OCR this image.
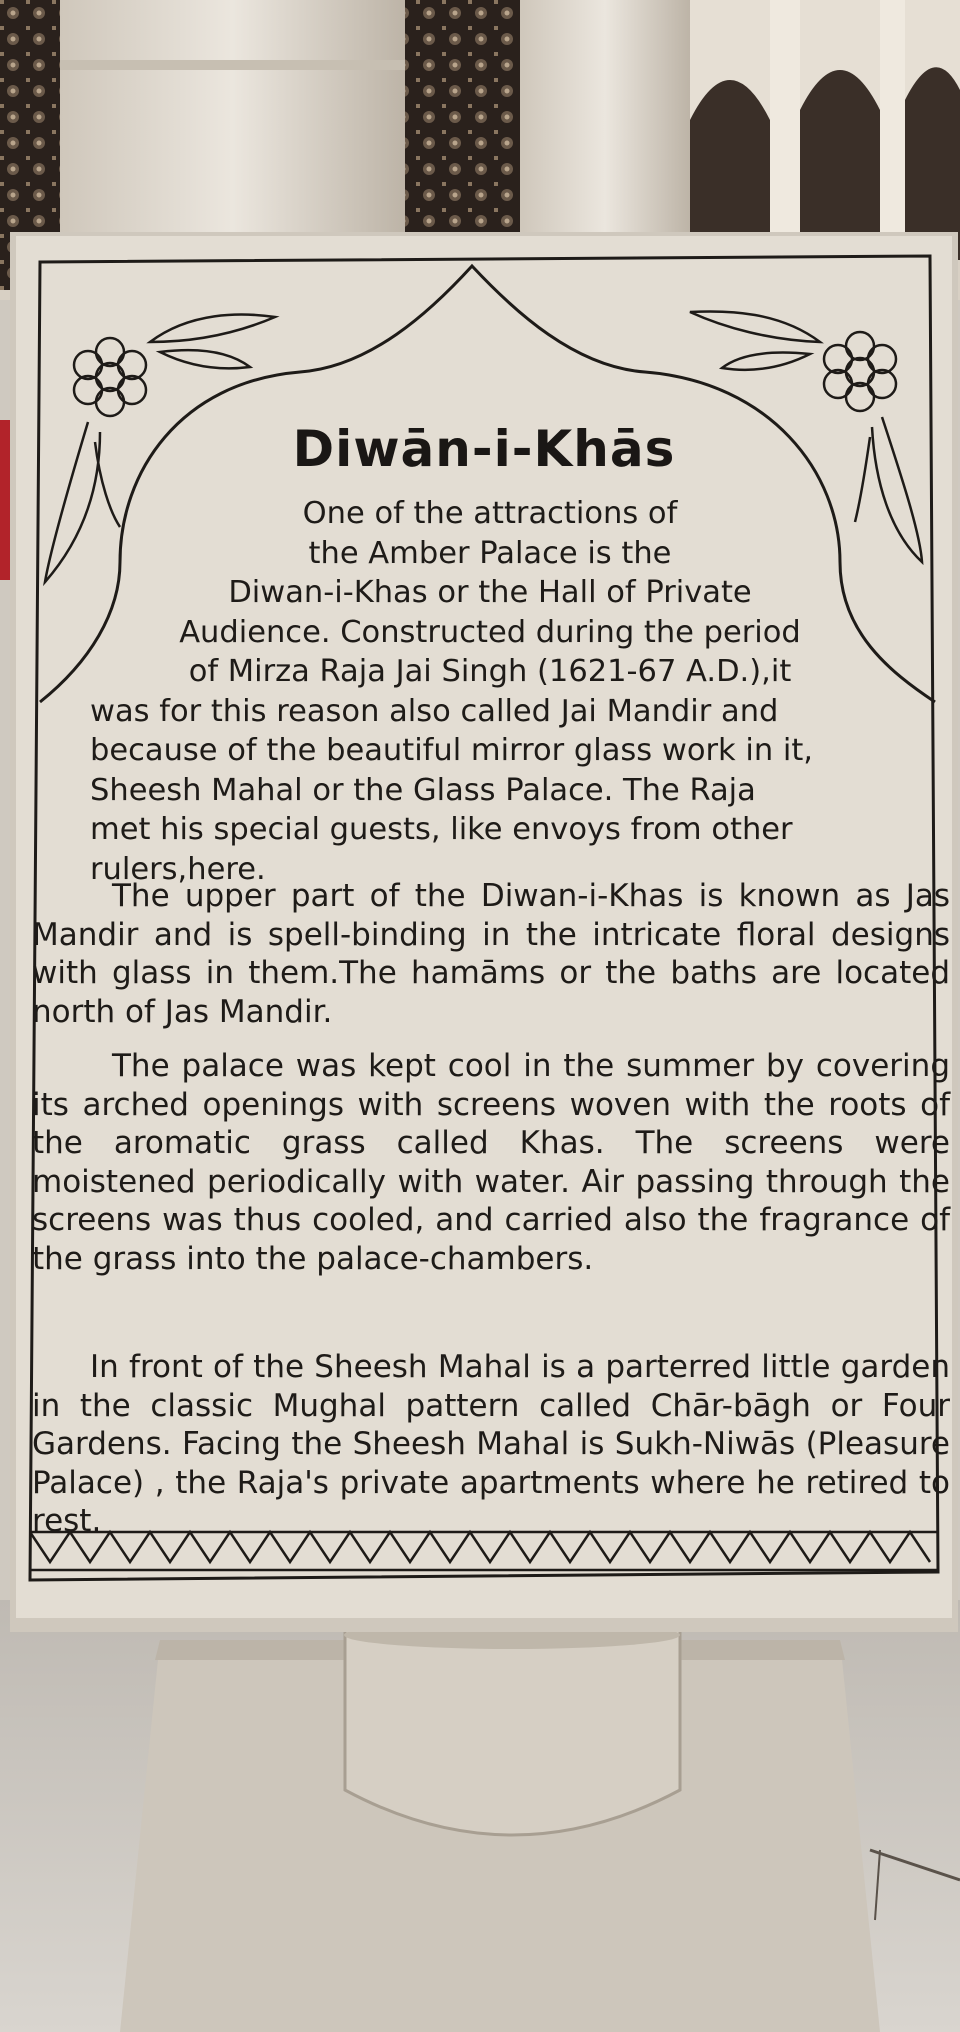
Diwān-i-Khās
One of the attractions of
the Amber Palace is the
Diwan-i-Khas or the Hall of Private
Audience. Constructed during the period
of Mirza Raja Jai Singh (1621-67 A.D.),it
was for this reason also called Jai Mandir and
because of the beautiful mirror glass work in it,
Sheesh Mahal or the Glass Palace. The Raja
met his special guests, like envoys from other
rulers,here.
The upper part of the Diwan-i-Khas is known as Jas Mandir and is spell-binding in the intricate floral designs with glass in them.The hamāms or the baths are located north of Jas Mandir.
The palace was kept cool in the summer by covering its arched openings with screens woven with the roots of the aromatic grass called Khas. The screens were moistened periodically with water. Air passing through the screens was thus cooled, and carried also the fragrance of the grass into the palace-chambers.
In front of the Sheesh Mahal is a parterred little garden in the classic Mughal pattern called Chār-bāgh or Four Gardens. Facing the Sheesh Mahal is Sukh-Niwās (Pleasure Palace) , the Raja's private apartments where he retired to rest.
